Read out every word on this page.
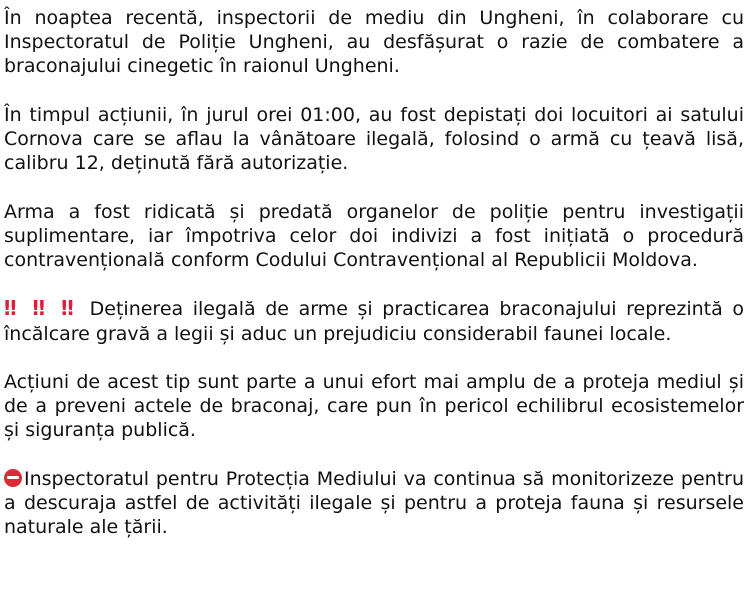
În noaptea recentă, inspectorii de mediu din Ungheni, în colaborare cu Inspectoratul de Poliție Ungheni, au desfășurat o razie de combatere a braconajului cinegetic în raionul Ungheni.

În timpul acțiunii, în jurul orei 01:00, au fost depistați doi locuitori ai satului Cornova care se aflau la vânătoare ilegală, folosind o armă cu țeavă lisă, calibru 12, deținută fără autorizație.

Arma a fost ridicată și predată organelor de poliție pentru investigații suplimentare, iar împotriva celor doi indivizi a fost inițiată o procedură contravențională conform Codului Contravențional al Republicii Moldova.

‼ ‼ ‼ Deținerea ilegală de arme și practicarea braconajului reprezintă o încălcare gravă a legii și aduc un prejudiciu considerabil faunei locale.

Acțiuni de acest tip sunt parte a unui efort mai amplu de a proteja mediul și de a preveni actele de braconaj, care pun în pericol echilibrul ecosistemelor și siguranța publică.

Inspectoratul pentru Protecția Mediului va continua să monitorizeze pentru a descuraja astfel de activități ilegale și pentru a proteja fauna și resursele naturale ale țării.
